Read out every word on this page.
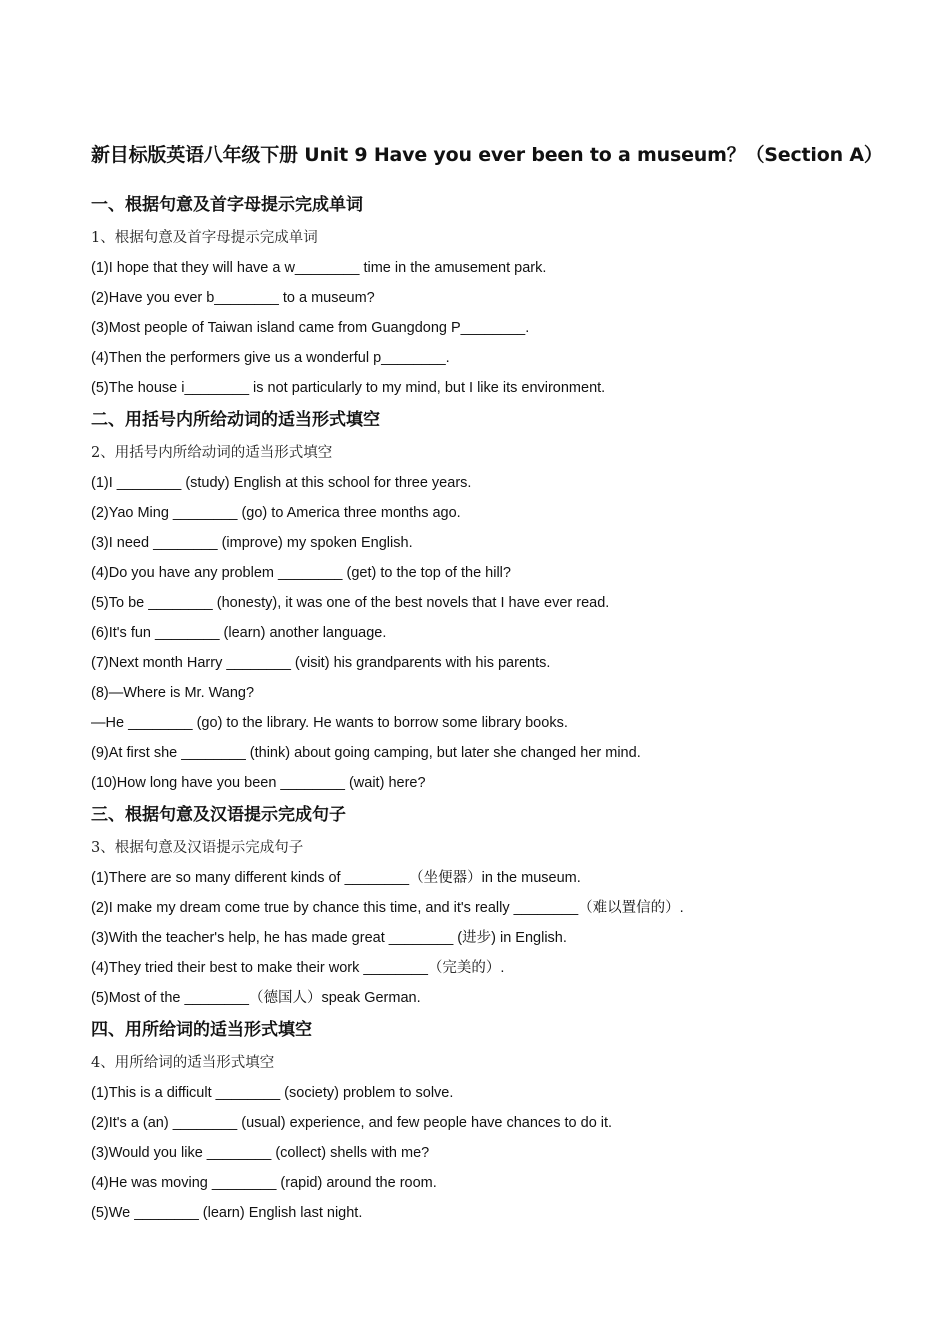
新目标版英语八年级下册 Unit 9 Have you ever been to a museum？（Section A）
一、根据句意及首字母提示完成单词
1、根据句意及首字母提示完成单词
(1)I hope that they will have a w________ time in the amusement park.
(2)Have you ever b________ to a museum?
(3)Most people of Taiwan island came from Guangdong P________.
(4)Then the performers give us a wonderful p________.
(5)The house i________ is not particularly to my mind, but I like its environment.
二、用括号内所给动词的适当形式填空
2、用括号内所给动词的适当形式填空
(1)I ________ (study) English at this school for three years.
(2)Yao Ming ________ (go) to America three months ago.
(3)I need ________ (improve) my spoken English.
(4)Do you have any problem ________ (get) to the top of the hill?
(5)To be ________ (honesty), it was one of the best novels that I have ever read.
(6)It's fun ________ (learn) another language.
(7)Next month Harry ________ (visit) his grandparents with his parents.
(8)—Where is Mr. Wang?
—He ________ (go) to the library. He wants to borrow some library books.
(9)At first she ________ (think) about going camping, but later she changed her mind.
(10)How long have you been ________ (wait) here?
三、根据句意及汉语提示完成句子
3、根据句意及汉语提示完成句子
(1)There are so many different kinds of ________（坐便器）in the museum.
(2)I make my dream come true by chance this time, and it's really ________（难以置信的）.
(3)With the teacher's help, he has made great ________ (进步) in English.
(4)They tried their best to make their work ________（完美的）.
(5)Most of the ________（德国人）speak German.
四、用所给词的适当形式填空
4、用所给词的适当形式填空
(1)This is a difficult ________ (society) problem to solve.
(2)It's a (an) ________ (usual) experience, and few people have chances to do it.
(3)Would you like ________ (collect) shells with me?
(4)He was moving ________ (rapid) around the room.
(5)We ________ (learn) English last night.
